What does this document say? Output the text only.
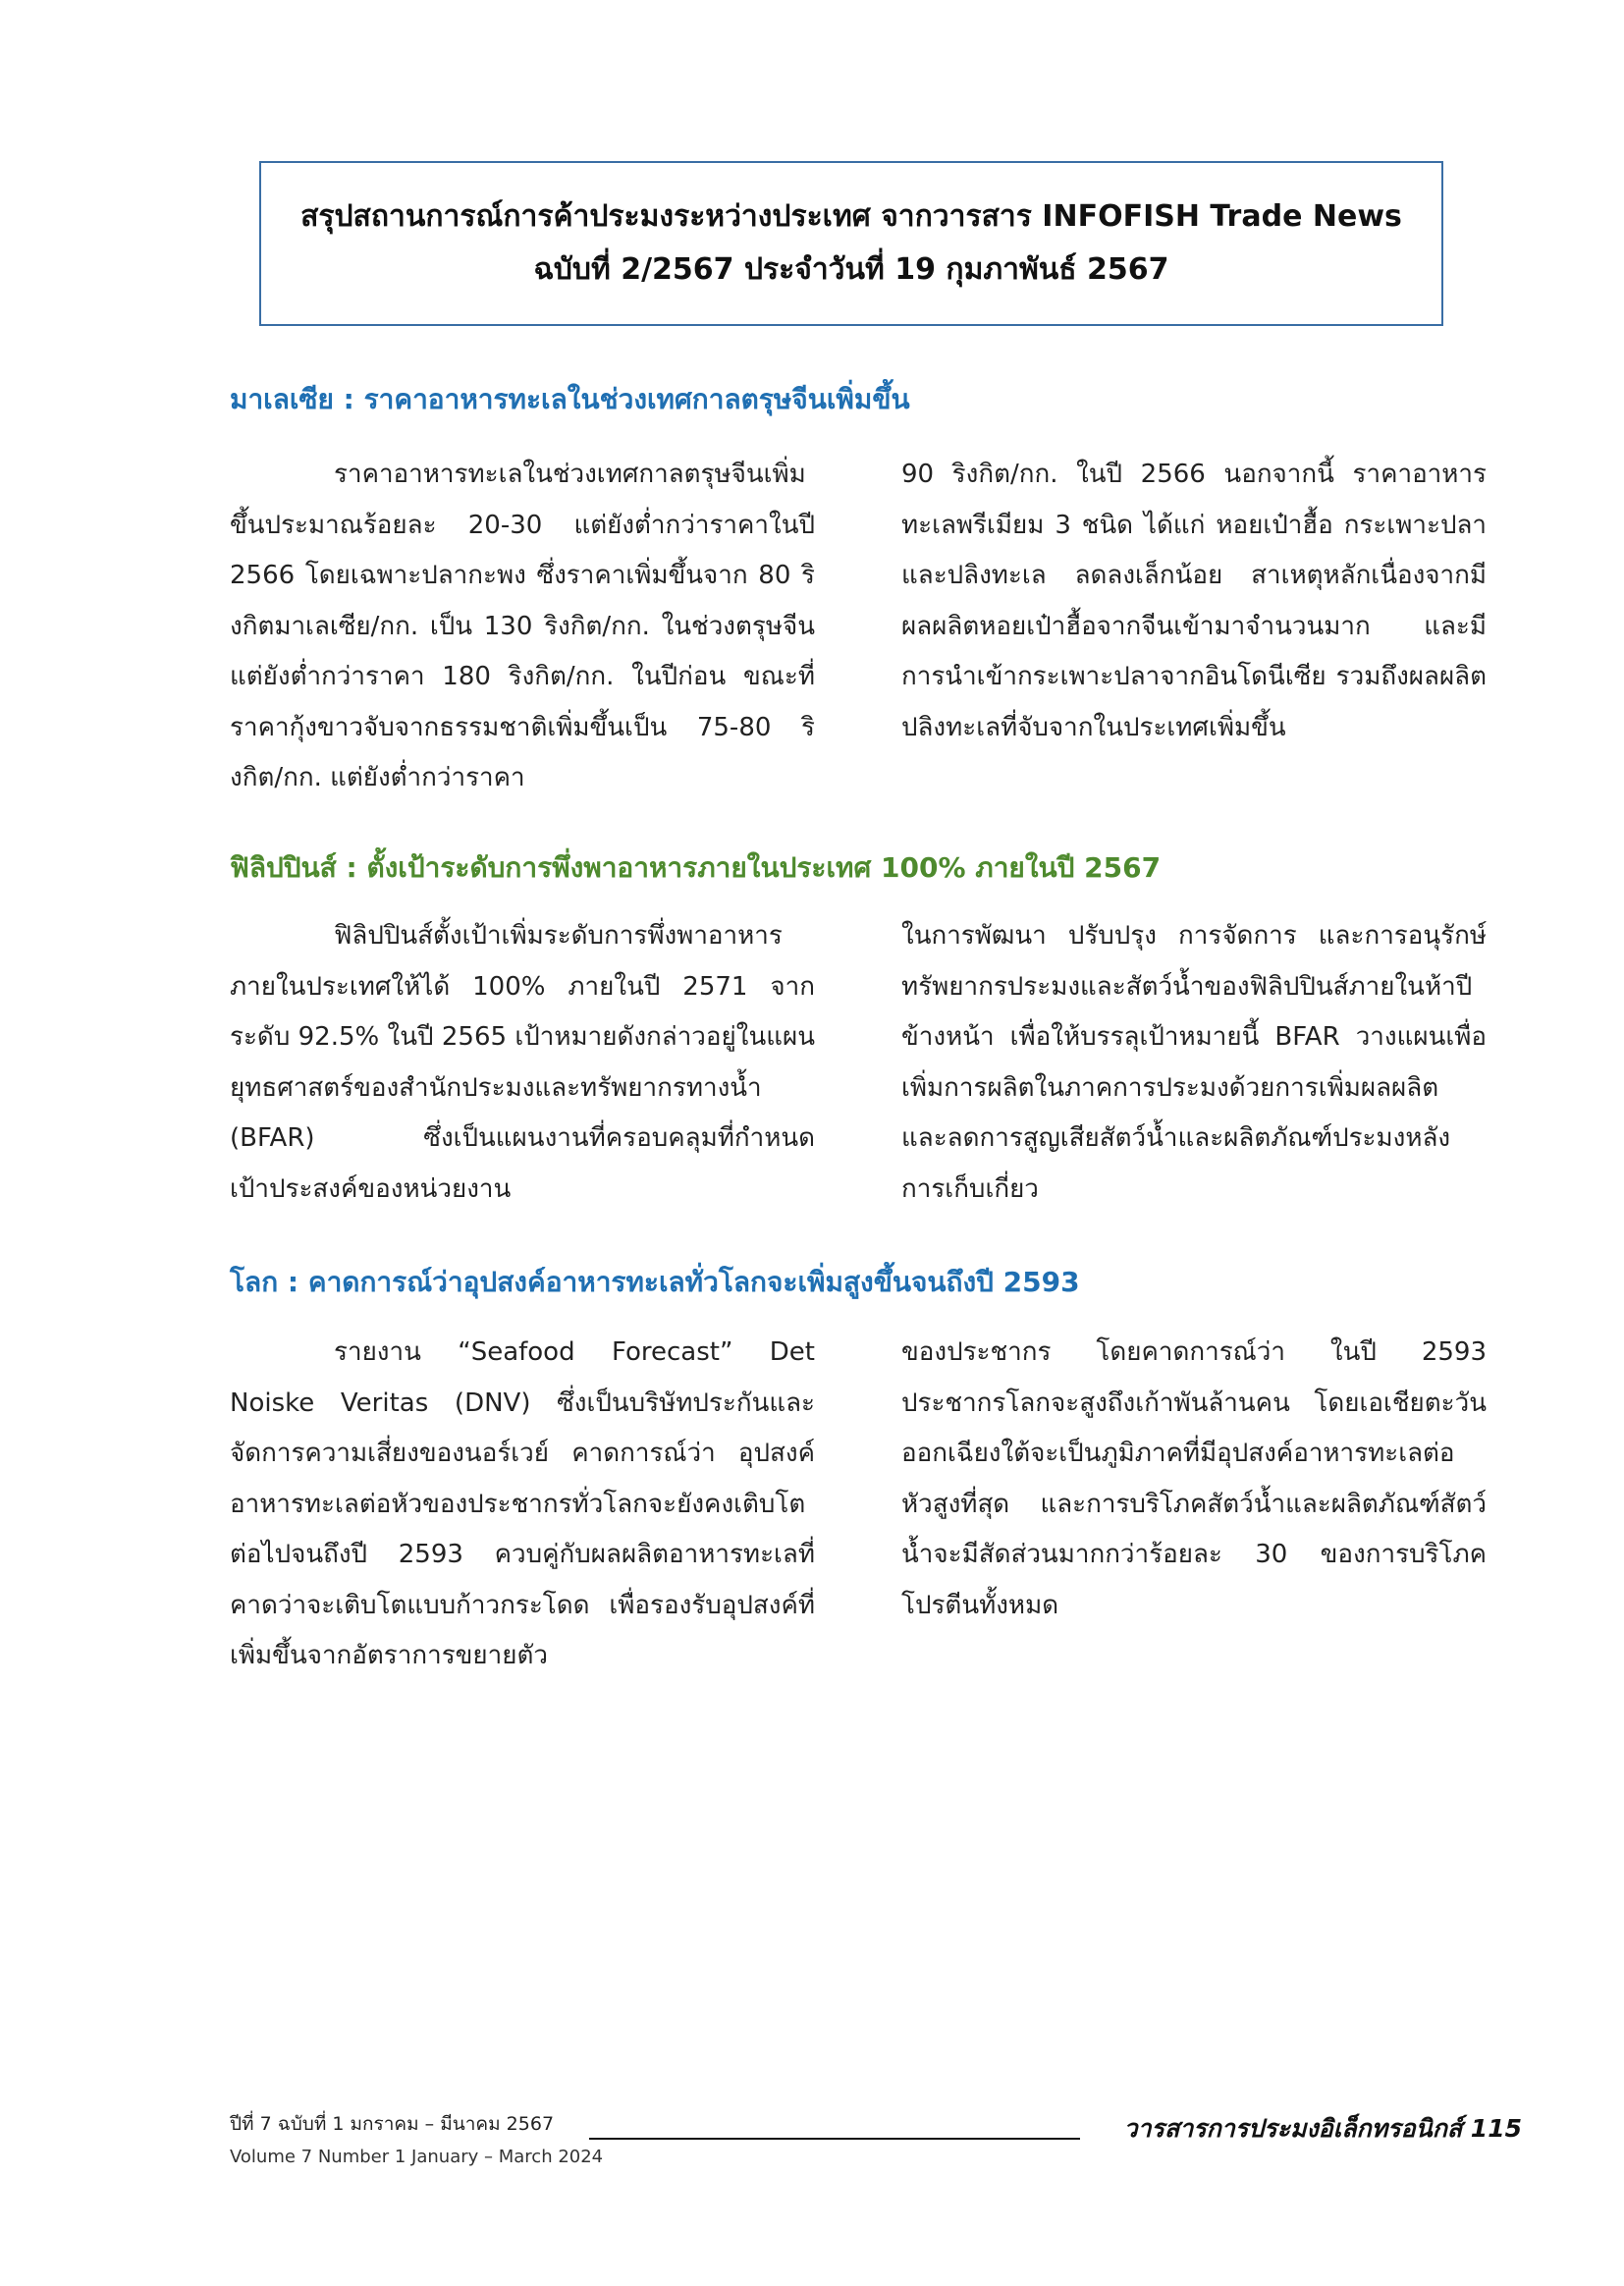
สรุปสถานการณ์การค้าประมงระหว่างประเทศ จากวารสาร INFOFISH Trade News
ฉบับที่ 2/2567 ประจำวันที่ 19 กุมภาพันธ์ 2567
มาเลเซีย : ราคาอาหารทะเลในช่วงเทศกาลตรุษจีนเพิ่มขึ้น

ราคาอาหารทะเลในช่วงเทศกาลตรุษจีนเพิ่มขึ้นประมาณร้อยละ 20-30 แต่ยังต่ำกว่าราคาในปี 2566 โดยเฉพาะปลากะพง ซึ่งราคาเพิ่มขึ้นจาก 80 ริงกิตมาเลเซีย/กก. เป็น 130 ริงกิต/กก. ในช่วงตรุษจีน แต่ยังต่ำกว่าราคา 180 ริงกิต/กก. ในปีก่อน ขณะที่ราคากุ้งขาวจับจากธรรมชาติเพิ่มขึ้นเป็น 75-80 ริงกิต/กก. แต่ยังต่ำกว่าราคา

90 ริงกิต/กก. ในปี 2566 นอกจากนี้ ราคาอาหารทะเลพรีเมียม 3 ชนิด ได้แก่ หอยเป๋าฮื้อ กระเพาะปลา และปลิงทะเล ลดลงเล็กน้อย สาเหตุหลักเนื่องจากมีผลผลิตหอยเป๋าฮื้อจากจีนเข้ามาจำนวนมาก และมีการนำเข้ากระเพาะปลาจากอินโดนีเซีย รวมถึงผลผลิตปลิงทะเลที่จับจากในประเทศเพิ่มขึ้น

ฟิลิปปินส์ : ตั้งเป้าระดับการพึ่งพาอาหารภายในประเทศ 100% ภายในปี 2567

ฟิลิปปินส์ตั้งเป้าเพิ่มระดับการพึ่งพาอาหารภายในประเทศให้ได้ 100% ภายในปี 2571 จากระดับ 92.5% ในปี 2565 เป้าหมายดังกล่าวอยู่ในแผนยุทธศาสตร์ของสำนักประมงและทรัพยากรทางน้ำ (BFAR) ซึ่งเป็นแผนงานที่ครอบคลุมที่กำหนดเป้าประสงค์ของหน่วยงาน

ในการพัฒนา ปรับปรุง การจัดการ และการอนุรักษ์ทรัพยากรประมงและสัตว์น้ำของฟิลิปปินส์ภายในห้าปีข้างหน้า เพื่อให้บรรลุเป้าหมายนี้ BFAR วางแผนเพื่อเพิ่มการผลิตในภาคการประมงด้วยการเพิ่มผลผลิต และลดการสูญเสียสัตว์น้ำและผลิตภัณฑ์ประมงหลังการเก็บเกี่ยว

โลก : คาดการณ์ว่าอุปสงค์อาหารทะเลทั่วโลกจะเพิ่มสูงขึ้นจนถึงปี 2593

รายงาน “Seafood Forecast” Det Noiske Veritas (DNV) ซึ่งเป็นบริษัทประกันและจัดการความเสี่ยงของนอร์เวย์ คาดการณ์ว่า อุปสงค์อาหารทะเลต่อหัวของประชากรทั่วโลกจะยังคงเติบโตต่อไปจนถึงปี 2593 ควบคู่กับผลผลิตอาหารทะเลที่คาดว่าจะเติบโตแบบก้าวกระโดด เพื่อรองรับอุปสงค์ที่เพิ่มขึ้นจากอัตราการขยายตัว

ของประชากร โดยคาดการณ์ว่า ในปี 2593 ประชากรโลกจะสูงถึงเก้าพันล้านคน โดยเอเชียตะวันออกเฉียงใต้จะเป็นภูมิภาคที่มีอุปสงค์อาหารทะเลต่อหัวสูงที่สุด และการบริโภคสัตว์น้ำและผลิตภัณฑ์สัตว์น้ำจะมีสัดส่วนมากกว่าร้อยละ 30 ของการบริโภคโปรตีนทั้งหมด

ปีที่ 7 ฉบับที่ 1 มกราคม – มีนาคม 2567
Volume 7 Number 1 January – March 2024
วารสารการประมงอิเล็กทรอนิกส์ 115
